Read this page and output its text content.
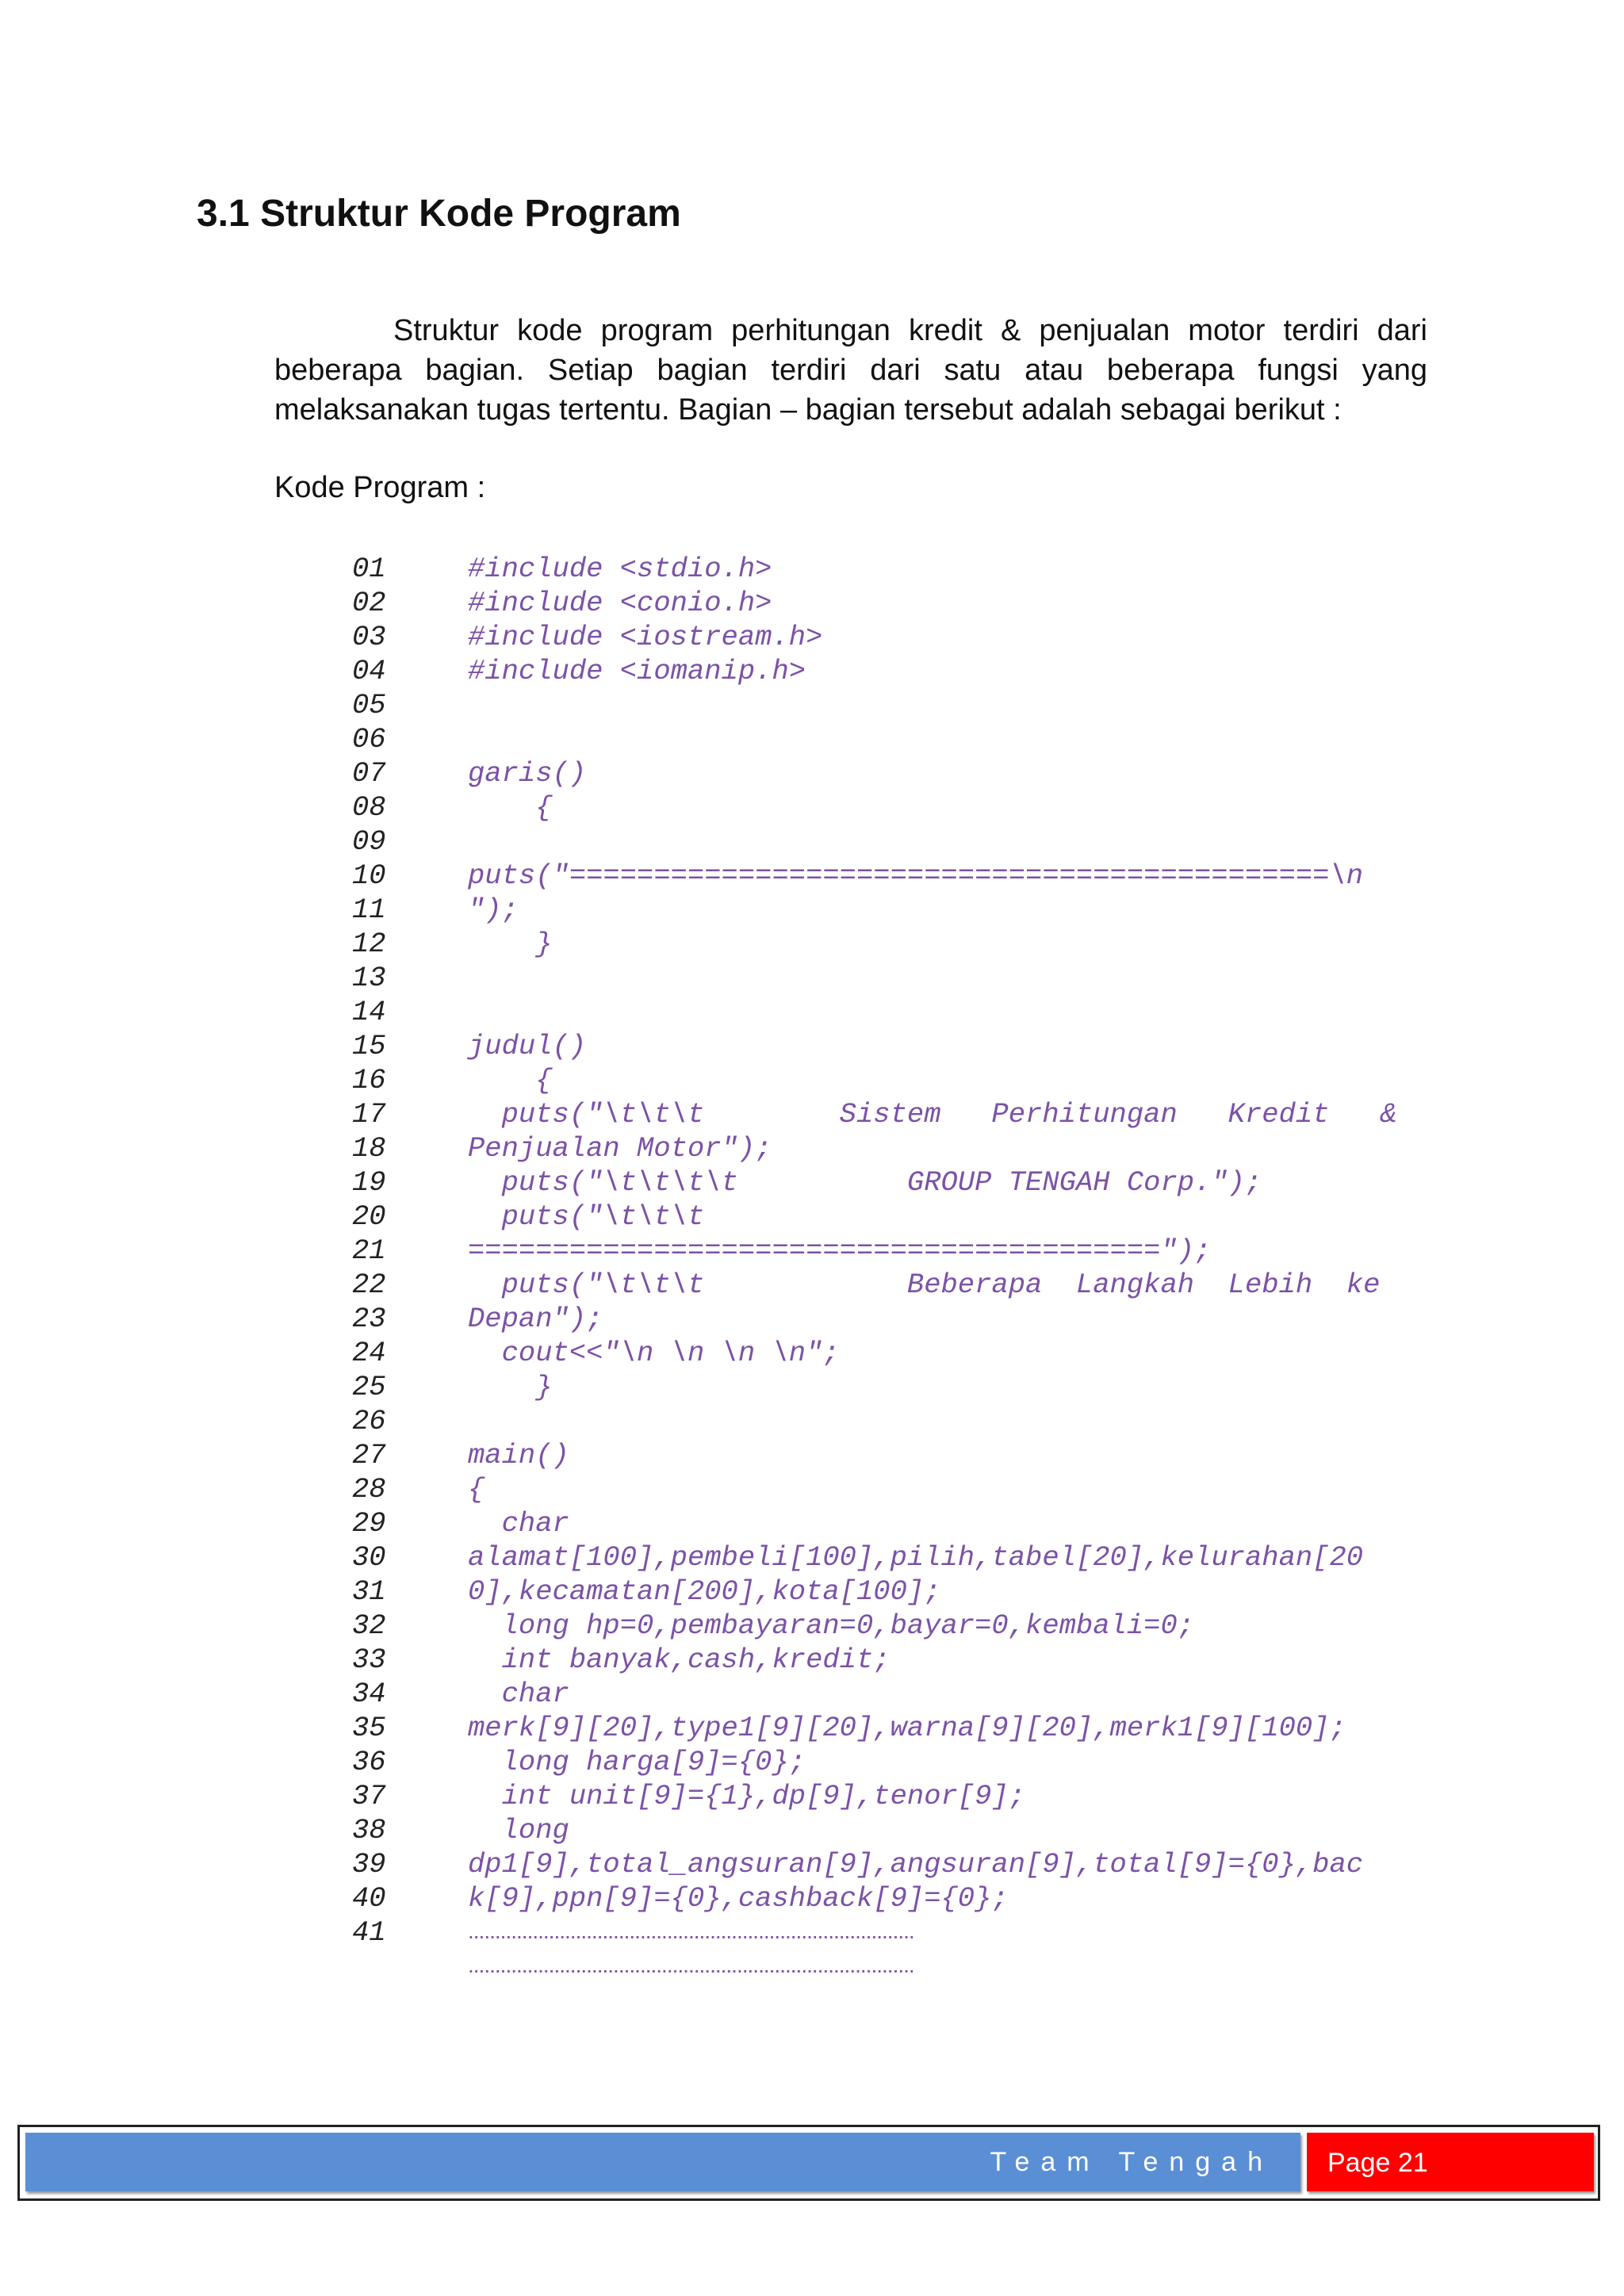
3.1 Struktur Kode Program

Struktur kode program perhitungan kredit & penjualan motor terdiri dari beberapa bagian. Setiap bagian terdiri dari satu atau beberapa fungsi yang melaksanakan tugas tertentu. Bagian – bagian tersebut adalah sebagai berikut :

Kode Program :
01	#include <stdio.h>
02	#include <conio.h>
03	#include <iostream.h>
04	#include <iomanip.h>
05
06
07	garis()
08	{
09
10	puts("=============================================\n
11	");
12	}
13
14
15	judul()
16	{
17	puts("\t\t\t        Sistem   Perhitungan   Kredit   &
18	Penjualan Motor");
19	puts("\t\t\t\t          GROUP TENGAH Corp.");
20	puts("\t\t\t
21	=========================================");
22	puts("\t\t\t            Beberapa  Langkah  Lebih  ke
23	Depan");
24	cout<<"\n \n \n \n";
25	}
26
27	main()
28	{
29	char
30	alamat[100],pembeli[100],pilih,tabel[20],kelurahan[20
31	0],kecamatan[200],kota[100];
32	long hp=0,pembayaran=0,bayar=0,kembali=0;
33	int banyak,cash,kredit;
34	char
35	merk[9][20],type1[9][20],warna[9][20],merk1[9][100];
36	long harga[9]={0};
37	int unit[9]={1},dp[9],tenor[9];
38	long
39	dp1[9],total_angsuran[9],angsuran[9],total[9]={0},bac
40	k[9],ppn[9]={0},cashback[9]={0};
41	...................................................................................
...................................................................................
Team Tengah Page 21
